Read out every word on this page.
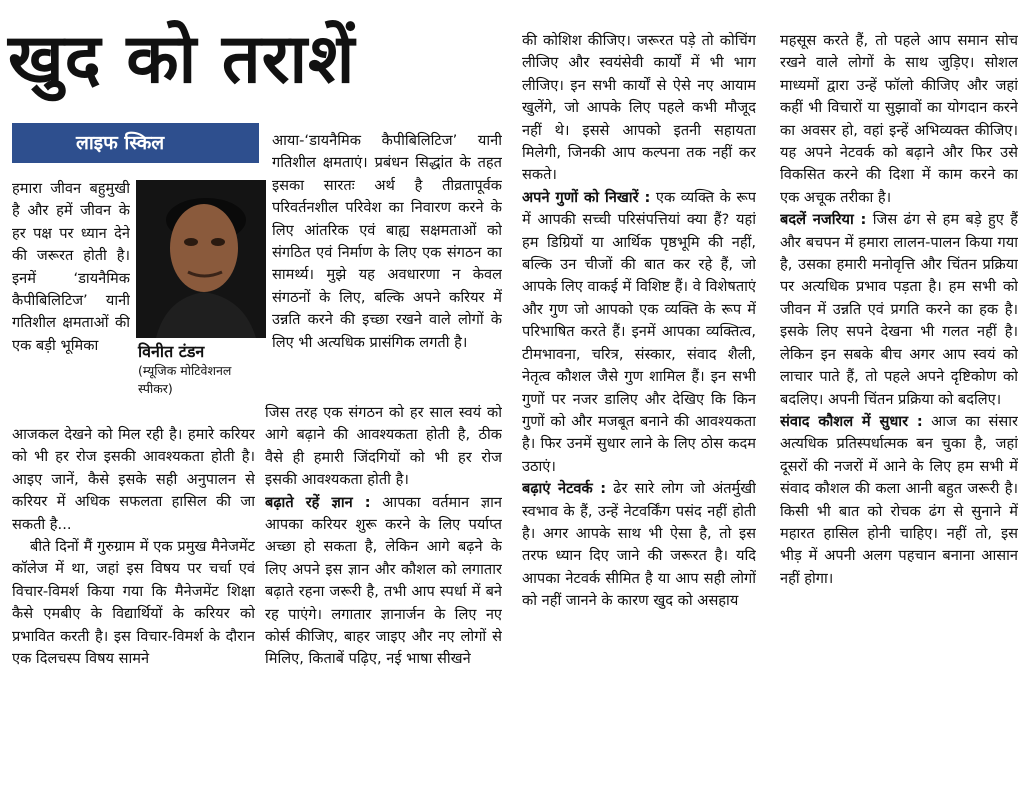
खुद को तराशें
लाइफ स्किल
विनीत टंडन
(म्यूजिक मोटिवेशनल
स्पीकर)

हमारा जीवन बहुमुखी है और हमें जीवन के हर पक्ष पर ध्यान देने की जरूरत होती है। इनमें ‘डायनैमिक कैपीबिलिटिज’ यानी गतिशील क्षमताओं की एक बड़ी भूमिका

आजकल देखने को मिल रही है। हमारे करियर को भी हर रोज इसकी आवश्यकता होती है। आइए जानें, कैसे इसके सही अनुपालन से करियर में अधिक सफलता हासिल की जा सकती है...

बीते दिनों मैं गुरुग्राम में एक प्रमुख मैनेजमेंट कॉलेज में था, जहां इस विषय पर चर्चा एवं विचार-विमर्श किया गया कि मैनेजमेंट शिक्षा कैसे एमबीए के विद्यार्थियों के करियर को प्रभावित करती है। इस विचार-विमर्श के दौरान एक दिलचस्प विषय सामने

आया-‘डायनैमिक कैपीबिलिटिज’ यानी गतिशील क्षमताएं। प्रबंधन सिद्धांत के तहत इसका सारतः अर्थ है तीव्रतापूर्वक परिवर्तनशील परिवेश का निवारण करने के लिए आंतरिक एवं बाह्य सक्षमताओं को संगठित एवं निर्माण के लिए एक संगठन का सामर्थ्य। मुझे यह अवधारणा न केवल संगठनों के लिए, बल्कि अपने करियर में उन्नति करने की इच्छा रखने वाले लोगों के लिए भी अत्यधिक प्रासंगिक लगती है।

जिस तरह एक संगठन को हर साल स्वयं को आगे बढ़ाने की आवश्यकता होती है, ठीक वैसे ही हमारी जिंदगियों को भी हर रोज इसकी आवश्यकता होती है।

बढ़ाते रहें ज्ञान : आपका वर्तमान ज्ञान आपका करियर शुरू करने के लिए पर्याप्त अच्छा हो सकता है, लेकिन आगे बढ़ने के लिए अपने इस ज्ञान और कौशल को लगातार बढ़ाते रहना जरूरी है, तभी आप स्पर्धा में बने रह पाएंगे। लगातार ज्ञानार्जन के लिए नए कोर्स कीजिए, बाहर जाइए और नए लोगों से मिलिए, किताबें पढ़िए, नई भाषा सीखने

की कोशिश कीजिए। जरूरत पड़े तो कोचिंग लीजिए और स्वयंसेवी कार्यों में भी भाग लीजिए। इन सभी कार्यों से ऐसे नए आयाम खुलेंगे, जो आपके लिए पहले कभी मौजूद नहीं थे। इससे आपको इतनी सहायता मिलेगी, जिनकी आप कल्पना तक नहीं कर सकते।

अपने गुणों को निखारें : एक व्यक्ति के रूप में आपकी सच्ची परिसंपत्तियां क्या हैं? यहां हम डिग्रियों या आर्थिक पृष्ठभूमि की नहीं, बल्कि उन चीजों की बात कर रहे हैं, जो आपके लिए वाकई में विशिष्ट हैं। वे विशेषताएं और गुण जो आपको एक व्यक्ति के रूप में परिभाषित करते हैं। इनमें आपका व्यक्तित्व, टीमभावना, चरित्र, संस्कार, संवाद शैली, नेतृत्व कौशल जैसे गुण शामिल हैं। इन सभी गुणों पर नजर डालिए और देखिए कि किन गुणों को और मजबूत बनाने की आवश्यकता है। फिर उनमें सुधार लाने के लिए ठोस कदम उठाएं।

बढ़ाएं नेटवर्क : ढेर सारे लोग जो अंतर्मुखी स्वभाव के हैं, उन्हें नेटवर्किंग पसंद नहीं होती है। अगर आपके साथ भी ऐसा है, तो इस तरफ ध्यान दिए जाने की जरूरत है। यदि आपका नेटवर्क सीमित है या आप सही लोगों को नहीं जानने के कारण खुद को असहाय

महसूस करते हैं, तो पहले आप समान सोच रखने वाले लोगों के साथ जुड़िए। सोशल माध्यमों द्वारा उन्हें फॉलो कीजिए और जहां कहीं भी विचारों या सुझावों का योगदान करने का अवसर हो, वहां इन्हें अभिव्यक्त कीजिए। यह अपने नेटवर्क को बढ़ाने और फिर उसे विकसित करने की दिशा में काम करने का एक अचूक तरीका है।

बदलें नजरिया : जिस ढंग से हम बड़े हुए हैं और बचपन में हमारा लालन-पालन किया गया है, उसका हमारी मनोवृत्ति और चिंतन प्रक्रिया पर अत्यधिक प्रभाव पड़ता है। हम सभी को जीवन में उन्नति एवं प्रगति करने का हक है। इसके लिए सपने देखना भी गलत नहीं है। लेकिन इन सबके बीच अगर आप स्वयं को लाचार पाते हैं, तो पहले अपने दृष्टिकोण को बदलिए। अपनी चिंतन प्रक्रिया को बदलिए।

संवाद कौशल में सुधार : आज का संसार अत्यधिक प्रतिस्पर्धात्मक बन चुका है, जहां दूसरों की नजरों में आने के लिए हम सभी में संवाद कौशल की कला आनी बहुत जरूरी है। किसी भी बात को रोचक ढंग से सुनाने में महारत हासिल होनी चाहिए। नहीं तो, इस भीड़ में अपनी अलग पहचान बनाना आसान नहीं होगा।
